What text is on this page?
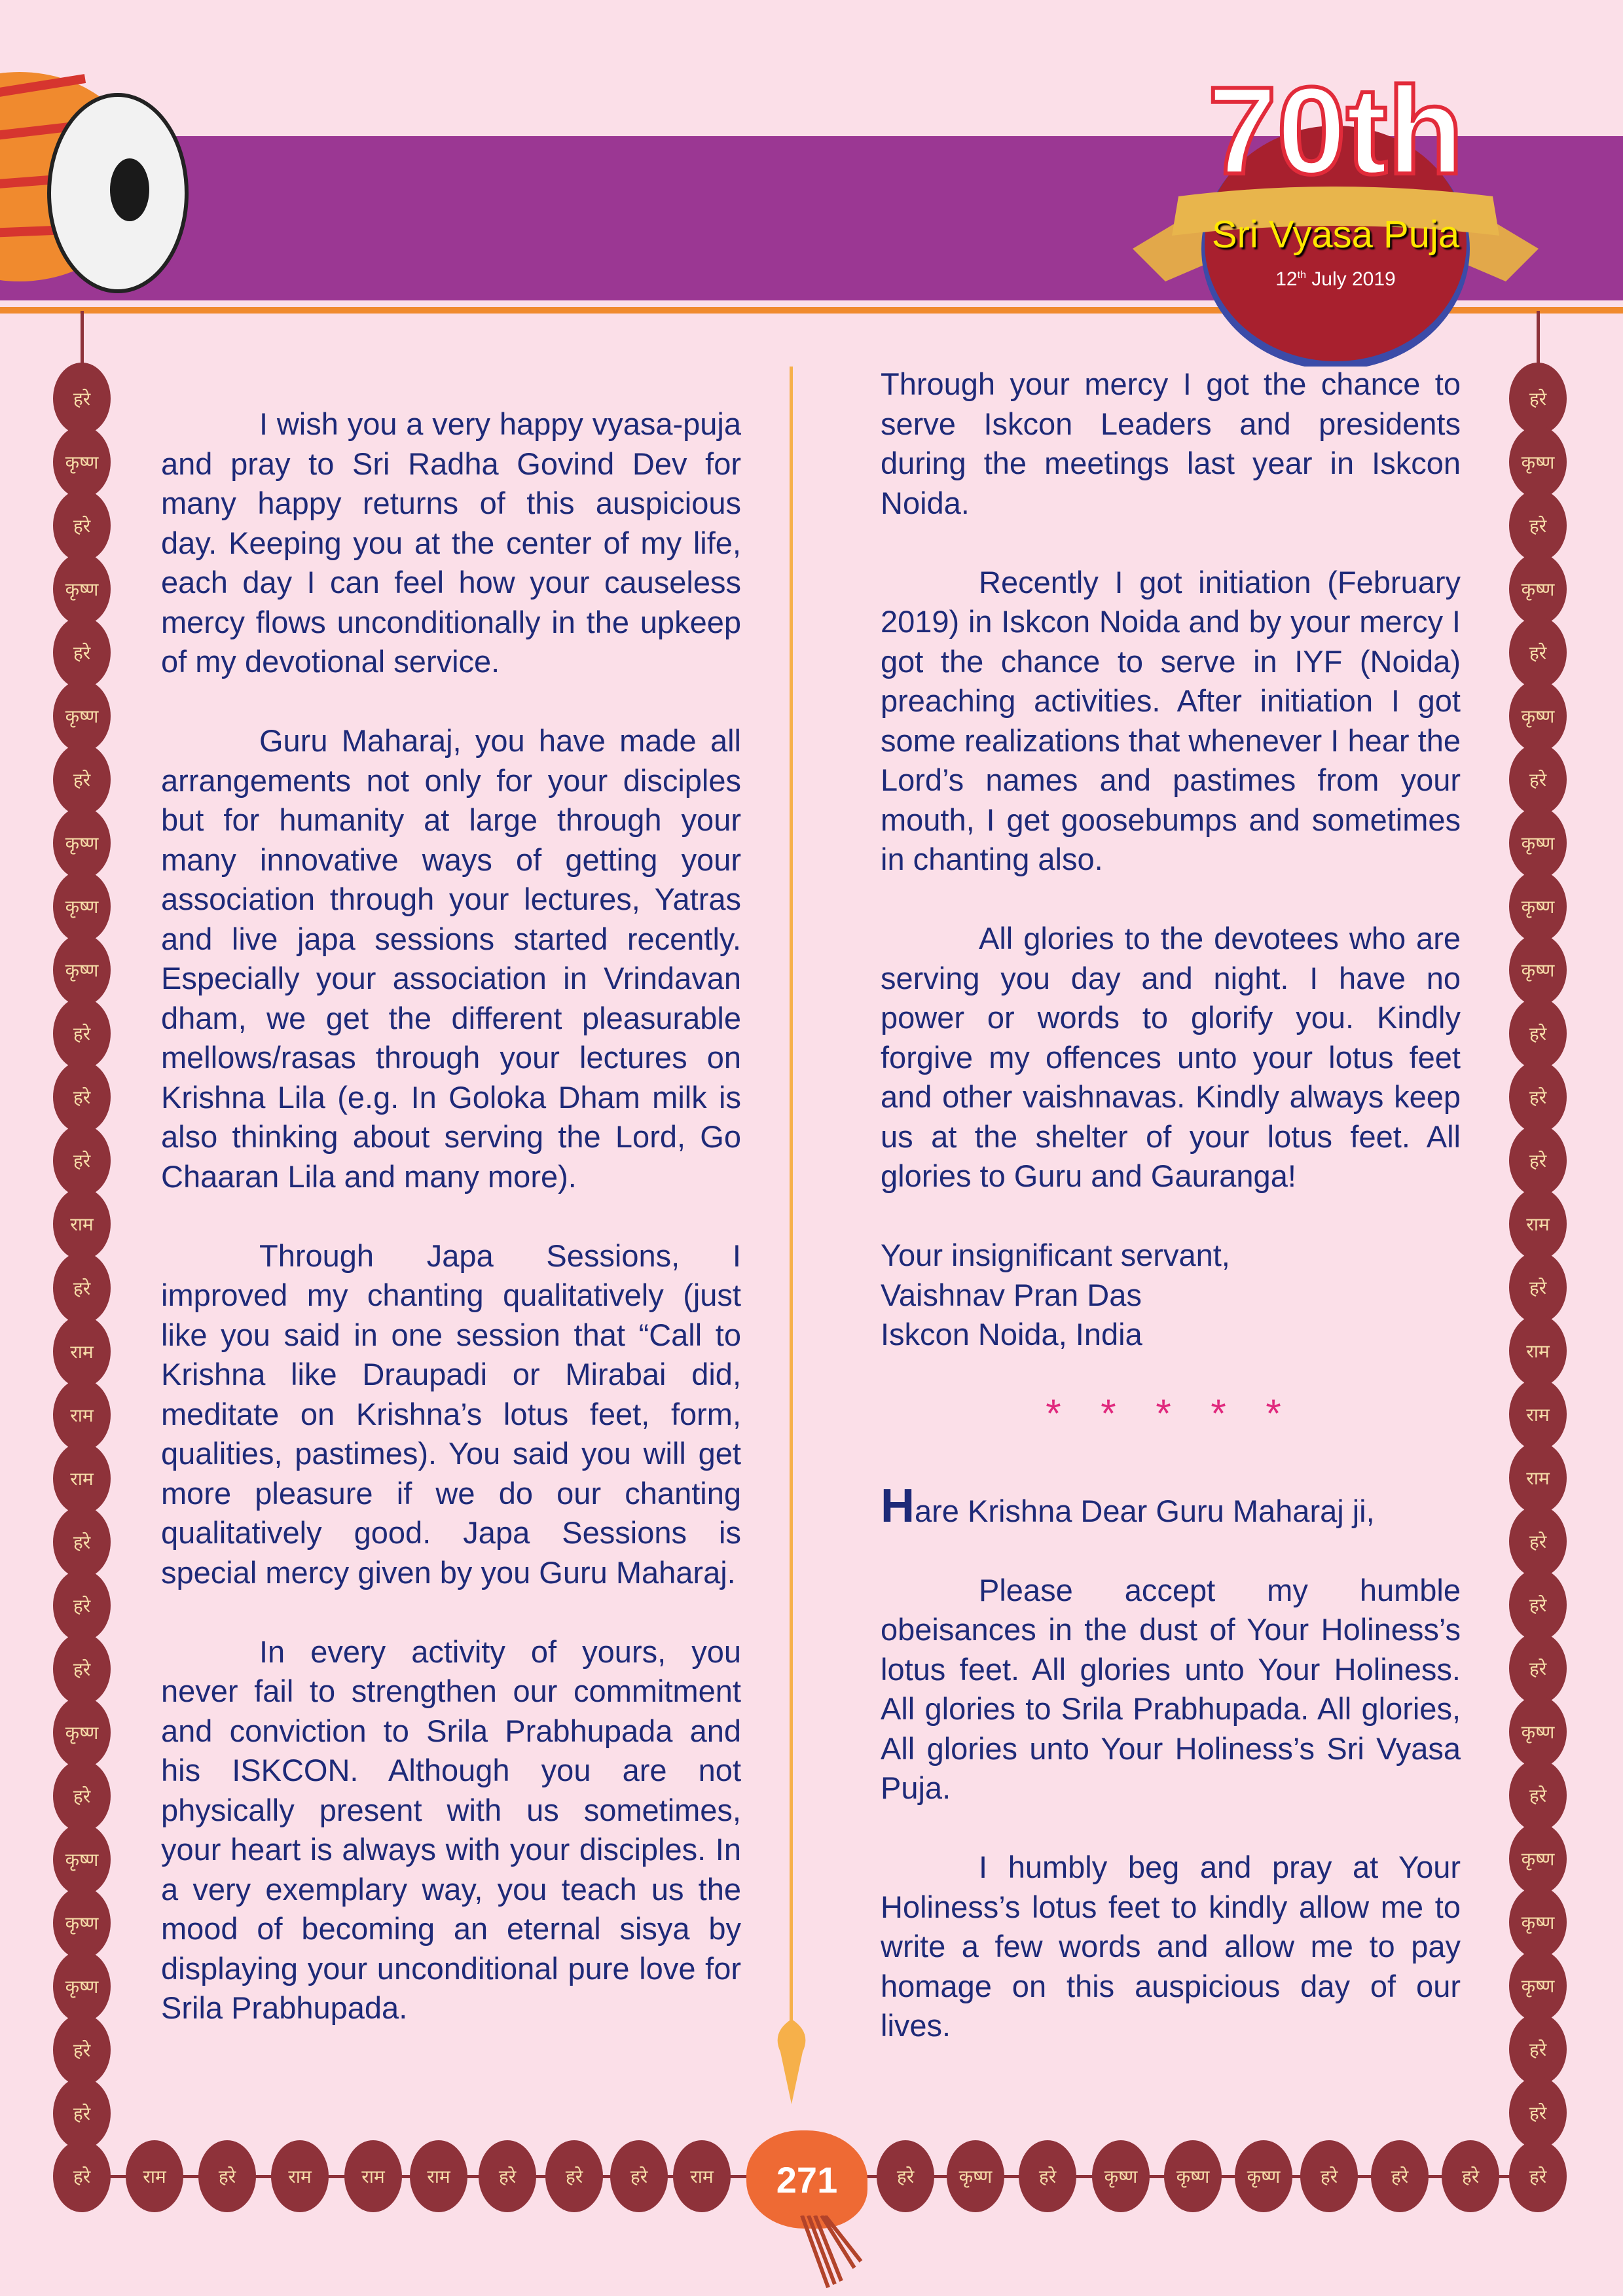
70th
Sri Vyasa Puja
12th July 2019

I wish you a very happy vyasa-puja and pray to Sri Radha Govind Dev for many happy returns of this auspicious day. Keeping you at the center of my life, each day I can feel how your causeless mercy flows unconditionally in the upkeep of my devotional service.

Guru Maharaj, you have made all arrangements not only for your disciples but for humanity at large through your many innovative ways of getting your association through your lectures, Yatras and live japa sessions started recently. Especially your association in Vrindavan dham, we get the different pleasurable mellows/rasas through your lectures on Krishna Lila (e.g. In Goloka Dham milk is also thinking about serving the Lord, Go Chaaran Lila and many more).

Through Japa Sessions, I improved my chanting qualitatively (just like you said in one session that “Call to Krishna like Draupadi or Mirabai did, meditate on Krishna’s lotus feet, form, qualities, pastimes). You said you will get more pleasure if we do our chanting qualitatively good. Japa Sessions is special mercy given by you Guru Maharaj.

In every activity of yours, you never fail to strengthen our commitment and conviction to Srila Prabhupada and his ISKCON. Although you are not physically present with us sometimes, your heart is always with your disciples. In a very exemplary way, you teach us the mood of becoming an eternal sisya by displaying your unconditional pure love for Srila Prabhupada.

Through your mercy I got the chance to serve Iskcon Leaders and presidents during the meetings last year in Iskcon Noida.

Recently I got initiation (February 2019) in Iskcon Noida and by your mercy I got the chance to serve in IYF (Noida) preaching activities. After initiation I got some realizations that whenever I hear the Lord’s names and pastimes from your mouth, I get goosebumps and sometimes in chanting also.

All glories to the devotees who are serving you day and night. I have no power or words to glorify you. Kindly forgive my offences unto your lotus feet and other vaishnavas. Kindly always keep us at the shelter of your lotus feet. All glories to Guru and Gauranga!

Your insignificant servant,
Vaishnav Pran Das
Iskcon Noida, India

* * * * *

Hare Krishna Dear Guru Maharaj ji,

Please accept my humble obeisances in the dust of Your Holiness’s lotus feet. All glories unto Your Holiness. All glories to Srila Prabhupada. All glories, All glories unto Your Holiness’s Sri Vyasa Puja.

I humbly beg and pray at Your Holiness’s lotus feet to kindly allow me to write a few words and allow me to pay homage on this auspicious day of our lives.

हरे
कृष्ण
हरे
कृष्ण
हरे
कृष्ण
हरे
कृष्ण
कृष्ण
कृष्ण
हरे
हरे
हरे
राम
हरे
राम
राम
राम
हरे
हरे
हरे
कृष्ण
हरे
कृष्ण
कृष्ण
कृष्ण
हरे
हरे
हरे
कृष्ण
हरे
कृष्ण
हरे
कृष्ण
हरे
कृष्ण
कृष्ण
कृष्ण
हरे
हरे
हरे
राम
हरे
राम
राम
राम
हरे
हरे
हरे
कृष्ण
हरे
कृष्ण
कृष्ण
कृष्ण
हरे
हरे
हरे	राम	हरे	राम	राम	राम	हरे	हरे	हरे	राम	हरे	कृष्ण	हरे	कृष्ण	कृष्ण	कृष्ण	हरे	हरे	हरे	हरे
271
